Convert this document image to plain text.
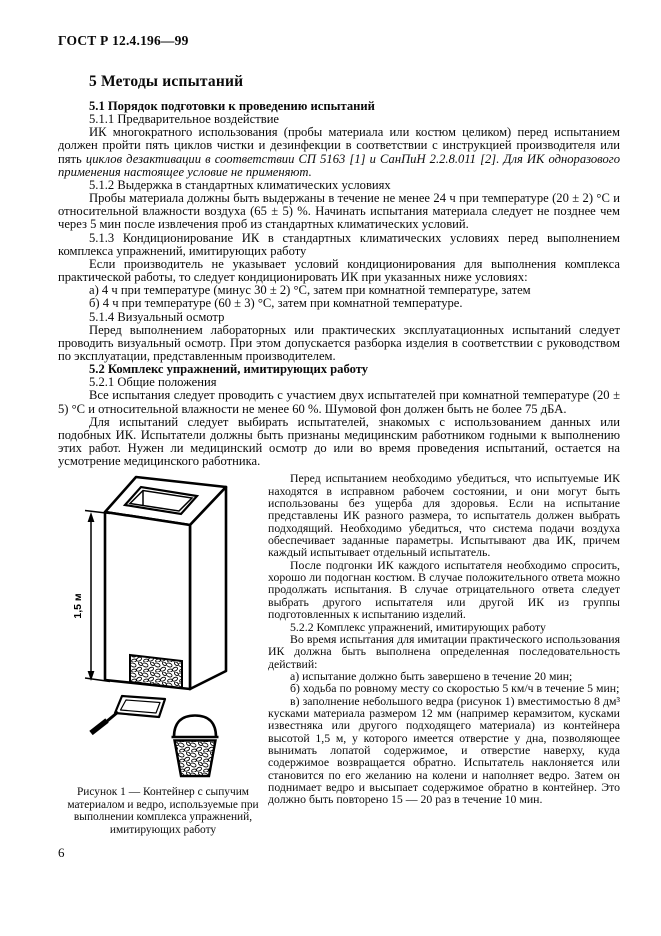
ГОСТ Р 12.4.196—99
5 Методы испытаний

5.1 Порядок подготовки к проведению испытаний

5.1.1 Предварительное воздействие

ИК многократного использования (пробы материала или костюм целиком) перед испытанием должен пройти пять циклов чистки и дезинфекции в соответствии с инструкцией производителя или пять циклов дезактивации в соответствии СП 5163 [1] и СанПиН 2.2.8.011 [2]. Для ИК одноразового применения настоящее условие не применяют.

5.1.2 Выдержка в стандартных климатических условиях

Пробы материала должны быть выдержаны в течение не менее 24 ч при температуре (20 ± 2) °С и относительной влажности воздуха (65 ± 5) %. Начинать испытания материала следует не позднее чем через 5 мин после извлечения проб из стандартных климатических условий.

5.1.3 Кондиционирование ИК в стандартных климатических условиях перед выполнением комплекса упражнений, имитирующих работу

Если производитель не указывает условий кондиционирования для выполнения комплекса практической работы, то следует кондиционировать ИК при указанных ниже условиях:

а) 4 ч при температуре (минус 30 ± 2) °С, затем при комнатной температуре, затем

б) 4 ч при температуре (60 ± 3) °С, затем при комнатной температуре.

5.1.4 Визуальный осмотр

Перед выполнением лабораторных или практических эксплуатационных испытаний следует проводить визуальный осмотр. При этом допускается разборка изделия в соответствии с руководством по эксплуатации, представленным производителем.

5.2 Комплекс упражнений, имитирующих работу

5.2.1 Общие положения

Все испытания следует проводить с участием двух испытателей при комнатной температуре (20 ± 5) °С и относительной влажности не менее 60 %. Шумовой фон должен быть не более 75 дБА.

Для испытаний следует выбирать испытателей, знакомых с использованием данных или подобных ИК. Испытатели должны быть признаны медицинским работником годными к выполнению этих работ. Нужен ли медицинский осмотр до или во время проведения испытаний, остается на усмотрение медицинского работника.

1,5 м
Рисунок 1 — Контейнер с сыпучим материалом и ведро, используемые при выполнении комплекса упражнений, имитирующих работу

Перед испытанием необходимо убедиться, что испытуемые ИК находятся в исправном рабочем состоянии, и они могут быть использованы без ущерба для здоровья. Если на испытание представлены ИК разного размера, то испытатель должен выбрать подходящий. Необходимо убедиться, что система подачи воздуха обеспечивает заданные параметры. Испытывают два ИК, причем каждый испытывает отдельный испытатель.

После подгонки ИК каждого испытателя необходимо спросить, хорошо ли подогнан костюм. В случае положительного ответа можно продолжать испытания. В случае отрицательного ответа следует выбрать другого испытателя или другой ИК из группы подготовленных к испытанию изделий.

5.2.2 Комплекс упражнений, имитирующих работу

Во время испытания для имитации практического использования ИК должна быть выполнена определенная последовательность действий:

а) испытание должно быть завершено в течение 20 мин;

б) ходьба по ровному месту со скоростью 5 км/ч в течение 5 мин;

в) заполнение небольшого ведра (рисунок 1) вместимостью 8 дм³ кусками материала размером 12 мм (например керамзитом, кусками известняка или другого подходящего материала) из контейнера высотой 1,5 м, у которого имеется отверстие у дна, позволяющее вынимать лопатой содержимое, и отверстие наверху, куда содержимое возвращается обратно. Испытатель наклоняется или становится по его желанию на колени и наполняет ведро. Затем он поднимает ведро и высыпает содержимое обратно в контейнер. Это должно быть повторено 15 — 20 раз в течение 10 мин.

6
